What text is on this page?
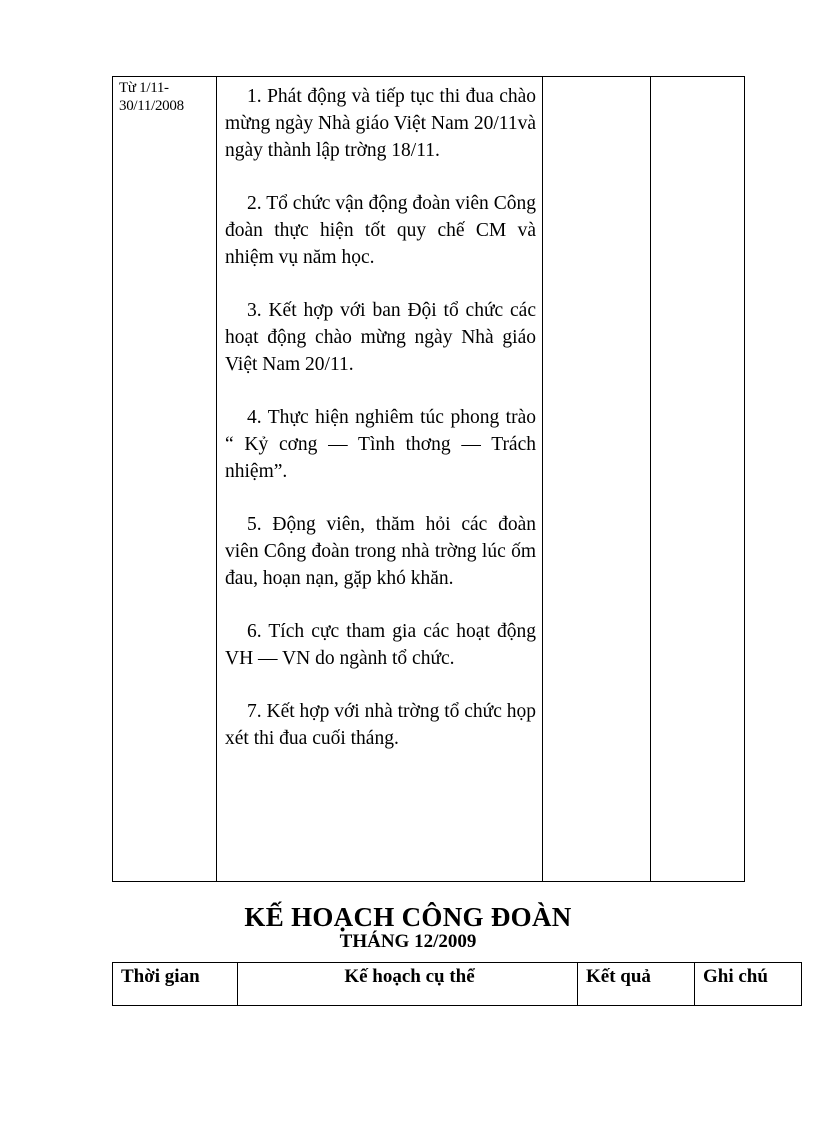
Từ 1/11-30/11/2008	1. Phát động và tiếp tục thi đua chào mừng ngày Nhà giáo Việt Nam 20/11và ngày thành lập trờng 18/11.

2. Tổ chức vận động đoàn viên Công đoàn thực hiện tốt quy chế CM và nhiệm vụ năm học.

3. Kết hợp với ban Đội tổ chức các hoạt động chào mừng ngày Nhà giáo Việt Nam 20/11.

4. Thực hiện nghiêm túc phong trào “ Kỷ cơng — Tình thơng — Trách nhiệm”.

5. Động viên, thăm hỏi các đoàn viên Công đoàn trong nhà trờng lúc ốm đau, hoạn nạn, gặp khó khăn.

6. Tích cực tham gia các hoạt động VH — VN do ngành tổ chức.

7. Kết hợp với nhà trờng tổ chức họp xét thi đua cuối tháng.

KẾ HOẠCH CÔNG ĐOÀN
THÁNG 12/2009
Thời gian	Kế hoạch cụ thể	Kết quả	Ghi chú
